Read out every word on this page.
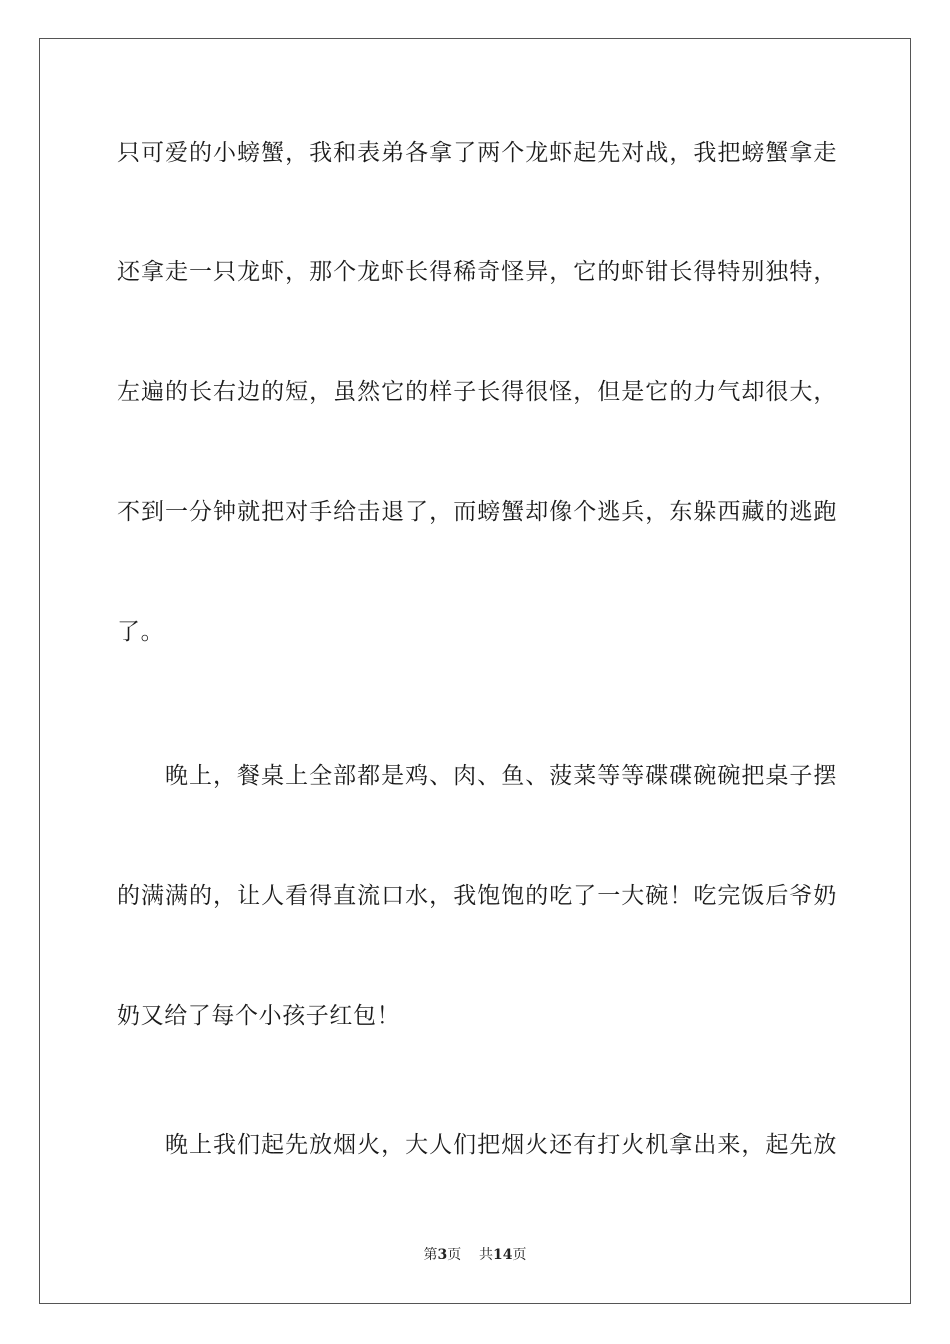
只可爱的小螃蟹，我和表弟各拿了两个龙虾起先对战，我把螃蟹拿走
还拿走一只龙虾，那个龙虾长得稀奇怪异，它的虾钳长得特别独特，
左遍的长右边的短，虽然它的样子长得很怪，但是它的力气却很大，
不到一分钟就把对手给击退了，而螃蟹却像个逃兵，东躲西藏的逃跑
了。
晚上，餐桌上全部都是鸡、肉、鱼、菠菜等等碟碟碗碗把桌子摆
的满满的，让人看得直流口水，我饱饱的吃了一大碗！吃完饭后爷奶
奶又给了每个小孩子红包！
晚上我们起先放烟火，大人们把烟火还有打火机拿出来，起先放
第3页 共14页
